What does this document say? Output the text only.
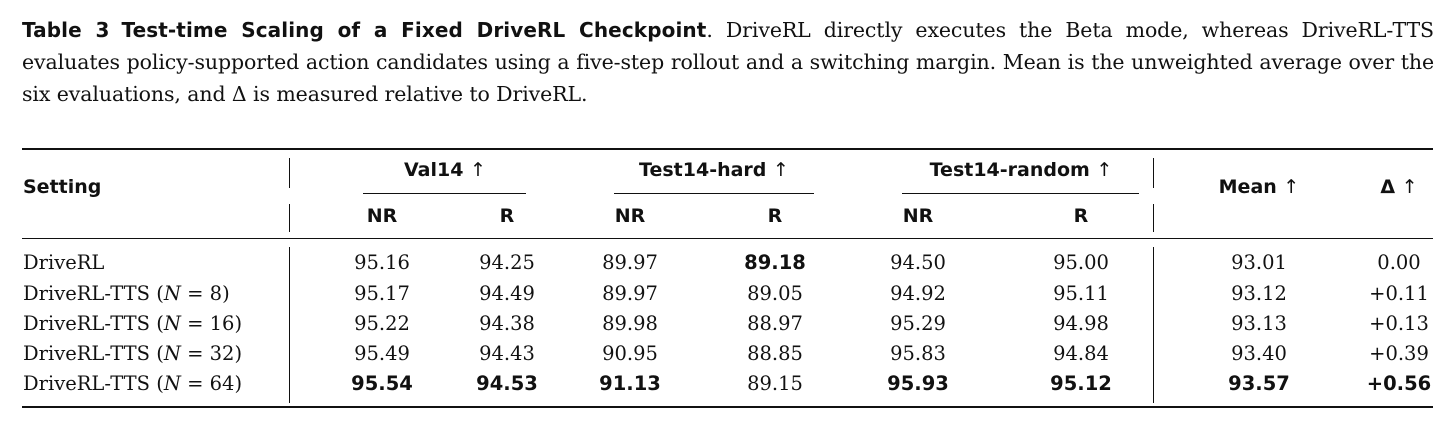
Table 3 Test-time Scaling of a Fixed DriveRL Checkpoint. DriveRL directly executes the Beta mode, whereas DriveRL-TTS evaluates policy-supported action candidates using a five-step rollout and a switching margin. Mean is the unweighted average over the six evaluations, and Δ is measured relative to DriveRL.
Setting
Val14 ↑	Test14-hard ↑	Test14-random ↑
Mean ↑	Δ ↑
NR	R	NR	R	NR	R
DriveRL	95.16	94.25	89.97	89.18	94.50	95.00	93.01	0.00
DriveRL-TTS (N = 8)	95.17	94.49	89.97	89.05	94.92	95.11	93.12	+0.11
DriveRL-TTS (N = 16)	95.22	94.38	89.98	88.97	95.29	94.98	93.13	+0.13
DriveRL-TTS (N = 32)	95.49	94.43	90.95	88.85	95.83	94.84	93.40	+0.39
DriveRL-TTS (N = 64)	95.54	94.53	91.13	89.15	95.93	95.12	93.57	+0.56
